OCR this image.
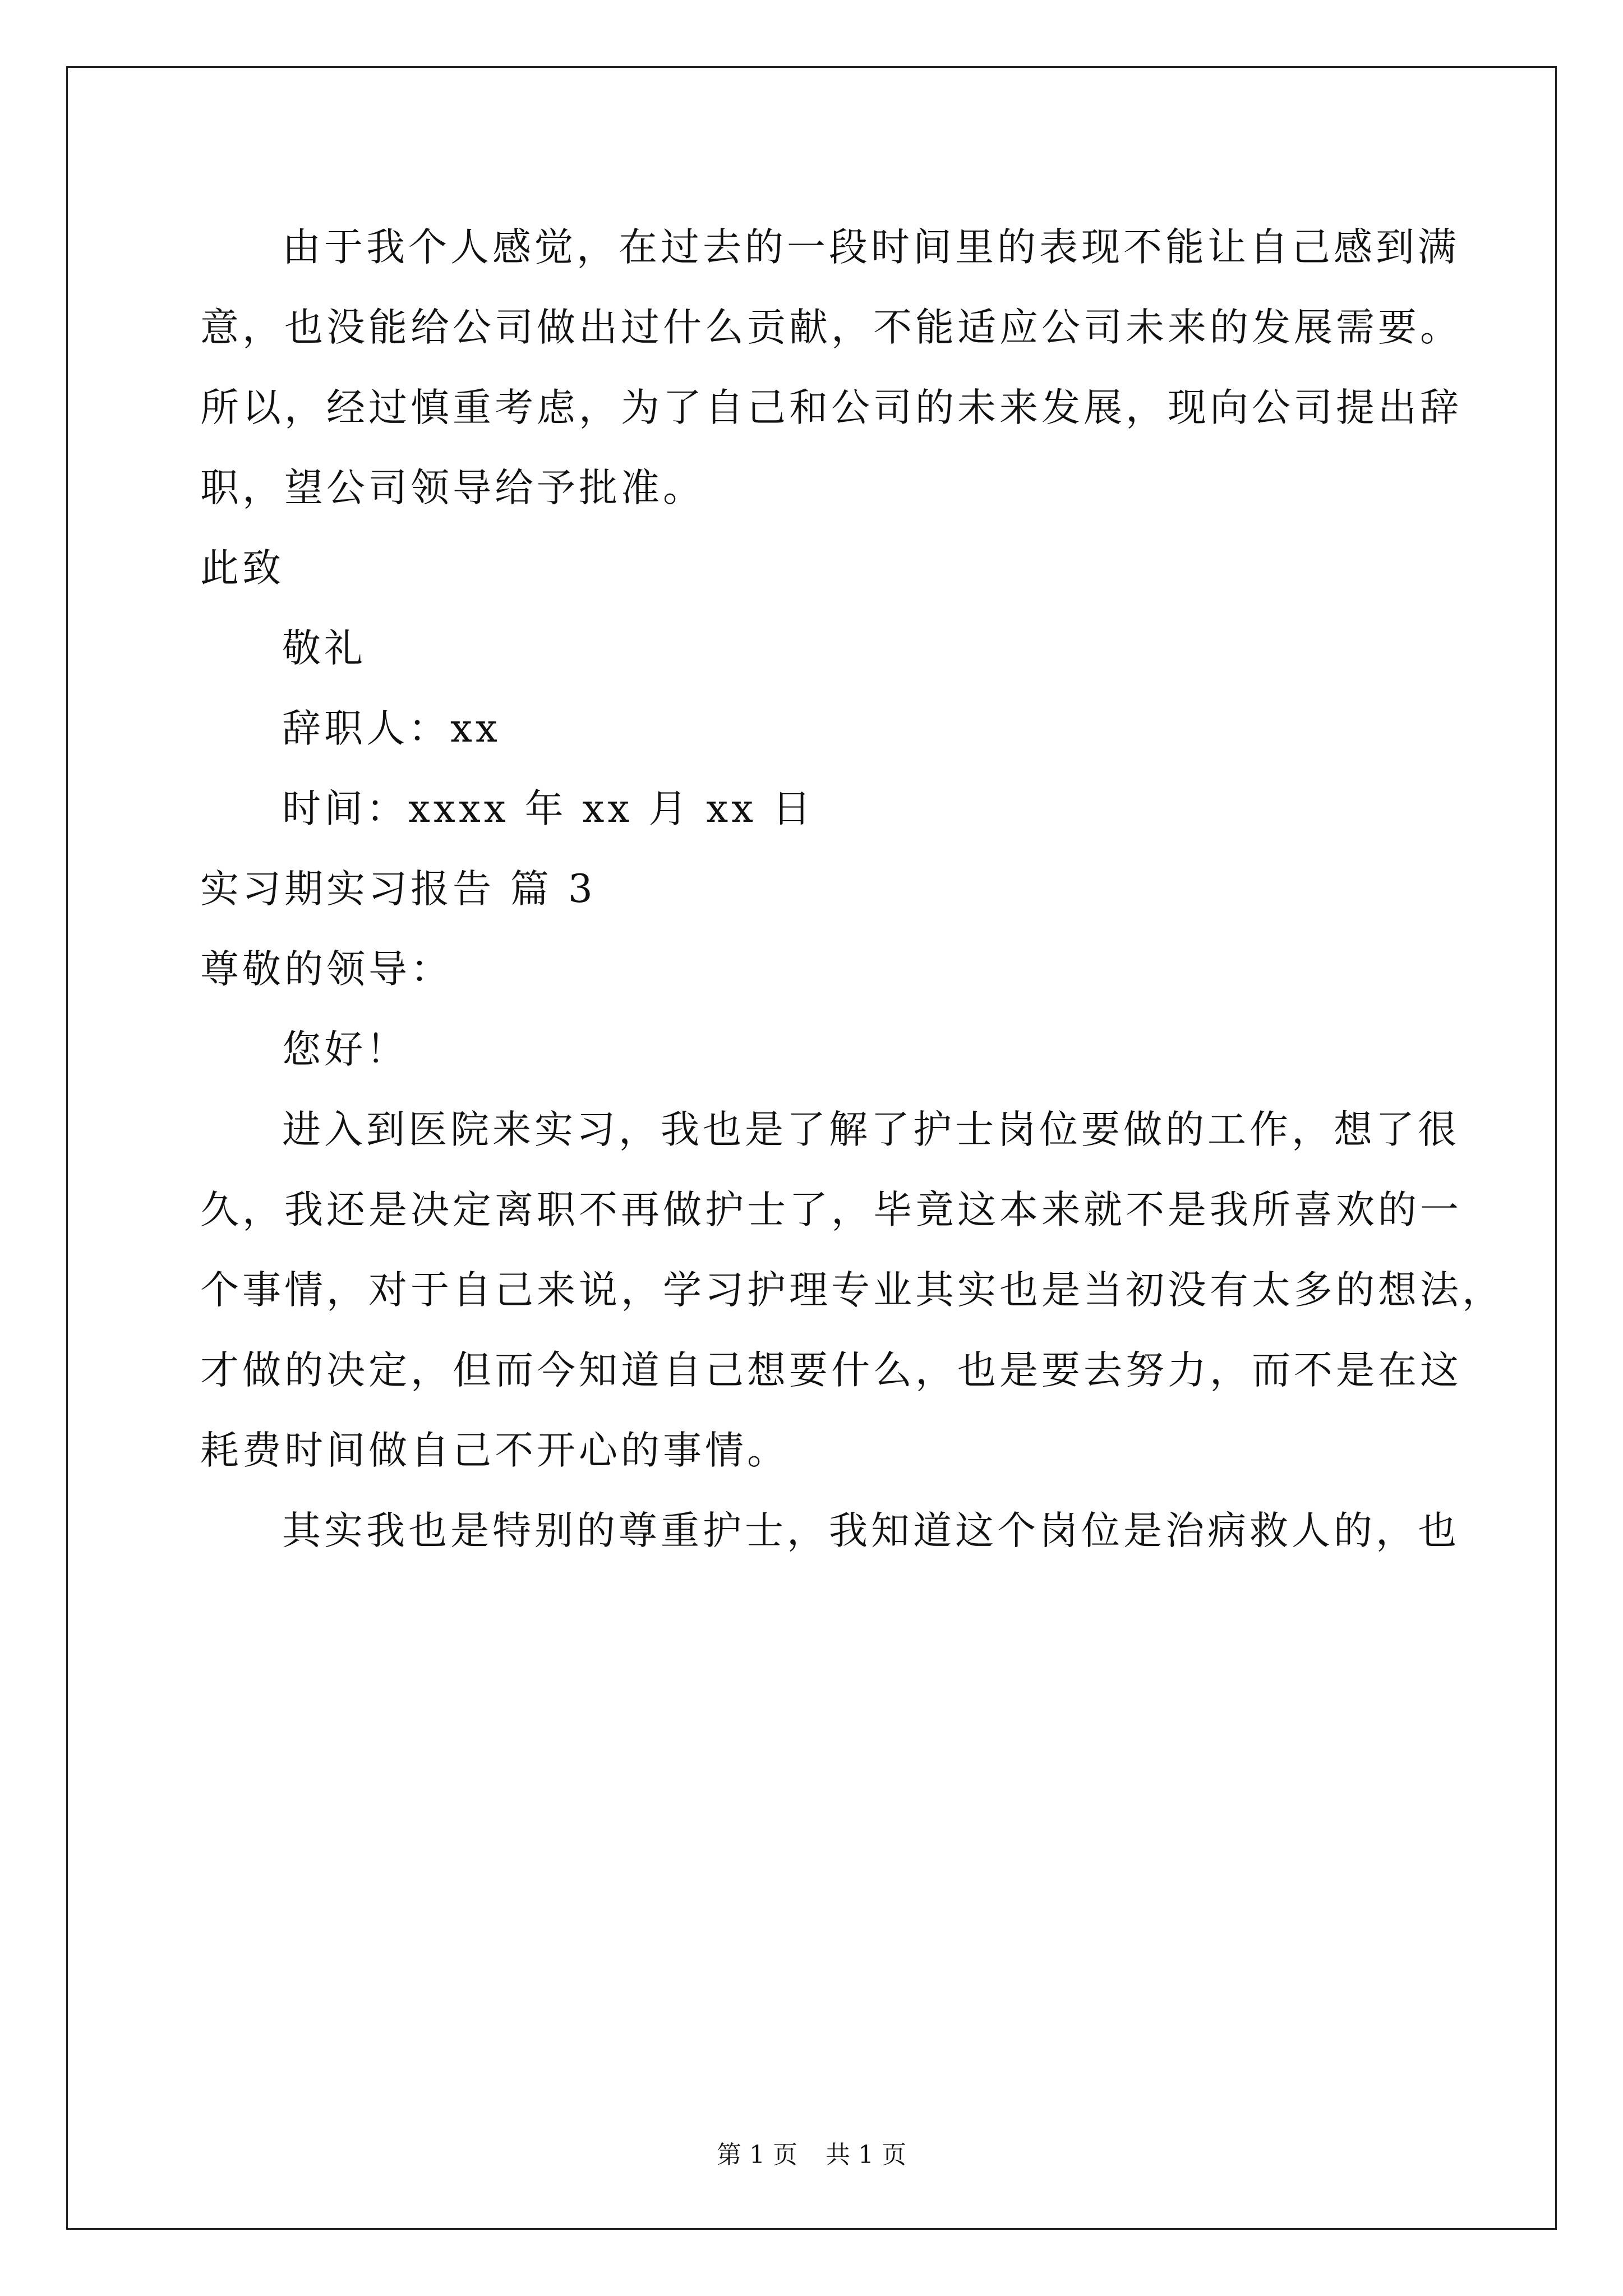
由于我个人感觉，在过去的一段时间里的表现不能让自己感到满
意，也没能给公司做出过什么贡献，不能适应公司未来的发展需要。
所以，经过慎重考虑，为了自己和公司的未来发展，现向公司提出辞
职，望公司领导给予批准。
此致
敬礼
辞职人：xx
时间：xxxx 年 xx 月 xx 日
实习期实习报告 篇 3
尊敬的领导：
您好！
进入到医院来实习，我也是了解了护士岗位要做的工作，想了很
久，我还是决定离职不再做护士了，毕竟这本来就不是我所喜欢的一
个事情，对于自己来说，学习护理专业其实也是当初没有太多的想法，
才做的决定，但而今知道自己想要什么，也是要去努力，而不是在这
耗费时间做自己不开心的事情。
其实我也是特别的尊重护士，我知道这个岗位是治病救人的，也
第 1 页 共 1 页
